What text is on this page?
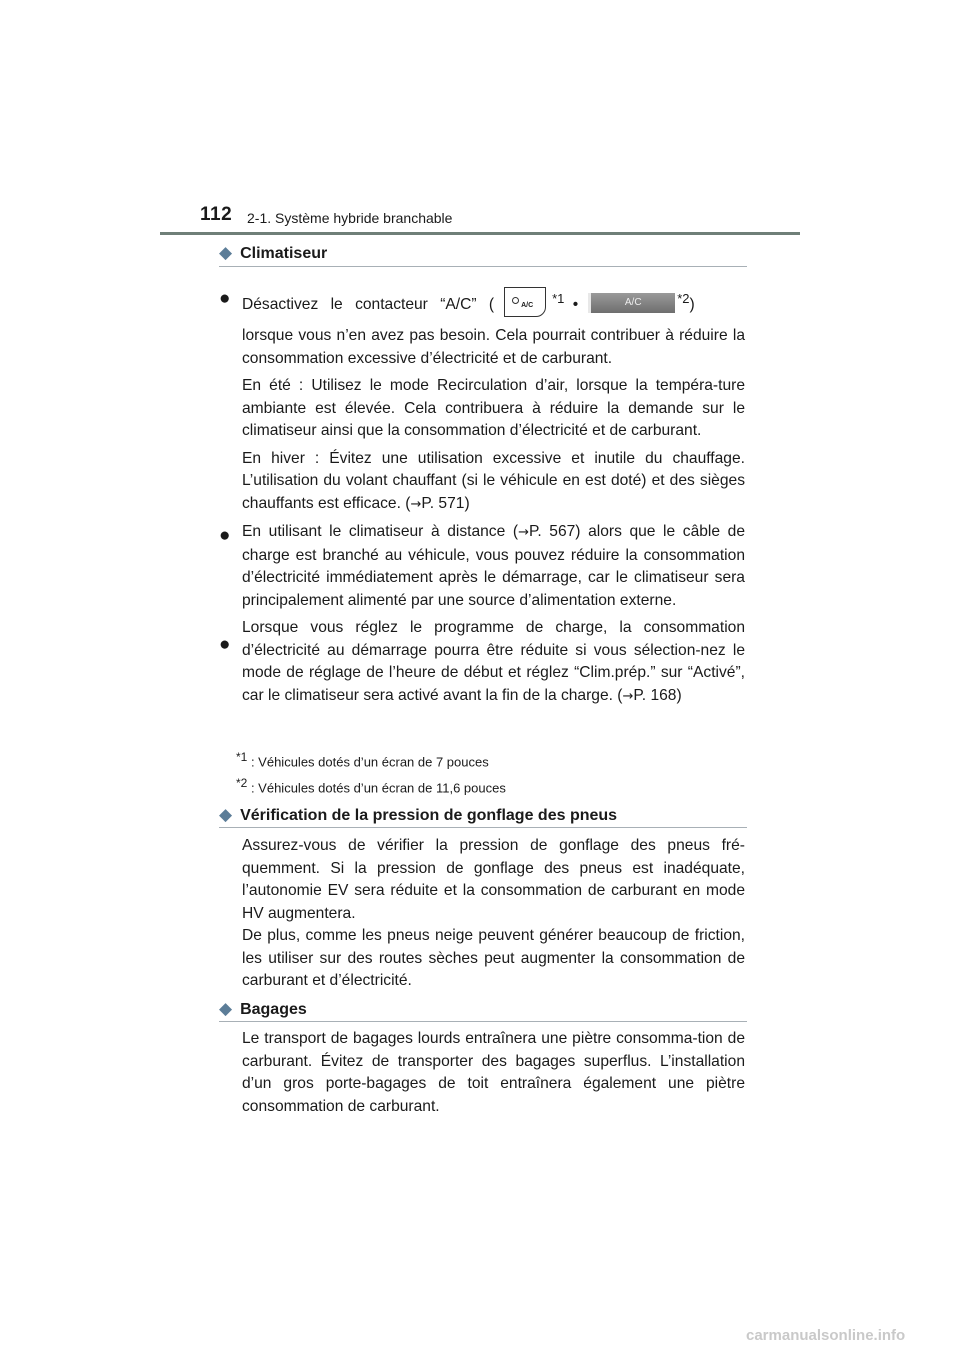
112 2-1. Système hybride branchable
◆ Climatiseur
● Désactivez le contacteur “A/C” (	A/C $^{*1}$ •	A/C	$^{*2}$)

lorsque vous n’en avez pas besoin. Cela pourrait contribuer à réduire la consommation excessive d’électricité et de carburant.

En été : Utilisez le mode Recirculation d’air, lorsque la tempéra-ture ambiante est élevée. Cela contribuera à réduire la demande sur le climatiseur ainsi que la consommation d’électricité et de carburant.

En hiver : Évitez une utilisation excessive et inutile du chauffage. L’utilisation du volant chauffant (si le véhicule en est doté) et des sièges chauffants est efficace. (→P. 571)

En utilisant le climatiseur à distance (→P. 567) alors que le câble de charge est branché au véhicule, vous pouvez réduire la consommation d’électricité immédiatement après le démarrage, car le climatiseur sera principalement alimenté par une source d’alimentation externe.

Lorsque vous réglez le programme de charge, la consommation d’électricité au démarrage pourra être réduite si vous sélection-nez le mode de réglage de l’heure de début et réglez “Clim.prép.” sur “Activé”, car le climatiseur sera activé avant la fin de la charge. (→P. 168)

●
●
$^{*1}$ : Véhicules dotés d’un écran de 7 pouces
$^{*2}$ : Véhicules dotés d’un écran de 11,6 pouces
◆ Vérification de la pression de gonflage des pneus

Assurez-vous de vérifier la pression de gonflage des pneus fré-quemment. Si la pression de gonflage des pneus est inadéquate, l’autonomie EV sera réduite et la consommation de carburant en mode HV augmentera.

De plus, comme les pneus neige peuvent générer beaucoup de friction, les utiliser sur des routes sèches peut augmenter la consommation de carburant et d’électricité.

◆ Bagages

Le transport de bagages lourds entraînera une piètre consomma-tion de carburant. Évitez de transporter des bagages superflus. L’installation d’un gros porte-bagages de toit entraînera également une piètre consommation de carburant.

carmanualsonline.info
